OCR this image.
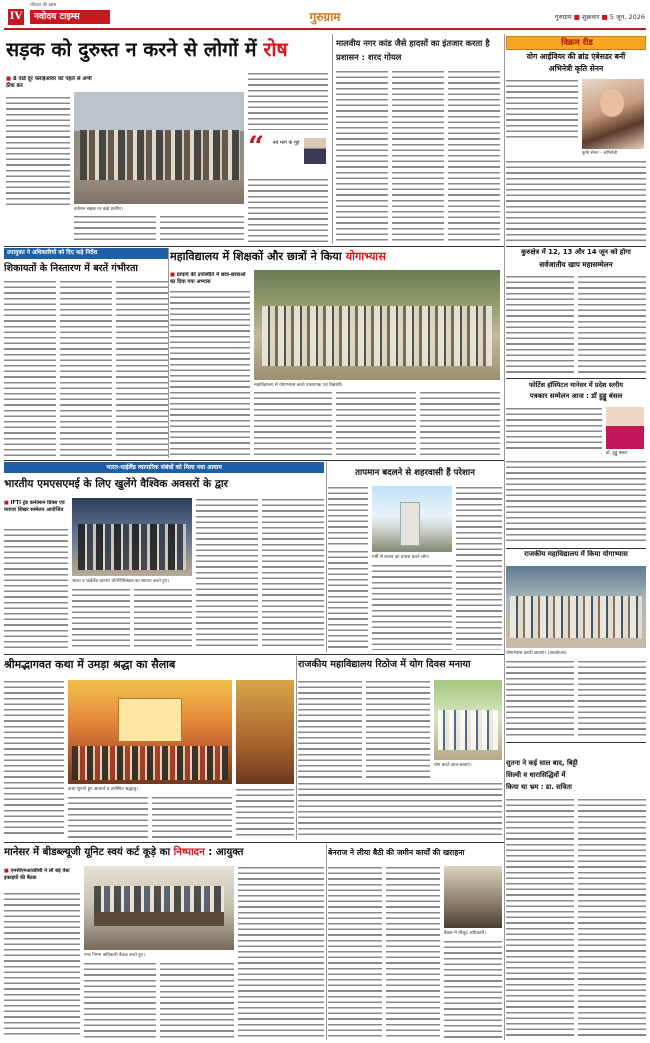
IV	नवोदय टाइम्स
रविवार की खास
गुरुग्राम	गुरुग्राम ■ शुक्रवार ■ 5 जून, 2026
सड़क को दुरुस्त न करने से लोगों में रोष
■ 8 वार्ड दूर फ्लाईओवर को पहले से अभी ठीक कर
वर्तमान सड़क पर खड़े ग्रामीण।
“	नये मार्ग के मुद्दे
मालवीय नगर कांड जैसे हादसों का इंतजार करता है प्रशासन : शरद गोयल
विक्रम रीड
वोग आईवियर की ब्रांड एंबेसडर बनीं
अभिनेत्री कृति सेनन
कृति सेनन - अभिनेत्री
उपायुक्त ने अधिकारियों को दिए कड़े निर्देश
शिकायतों के निस्तारण में बरतें गंभीरता
महाविद्यालय में शिक्षकों और छात्रों ने किया योगाभ्यास
■ प्राचार्य की उपस्थिति में छात्र-छात्राओं का दिया गया अभ्यास
महाविद्यालय में योगाभ्यास करते प्राध्यापक एवं विद्यार्थी।
कुरुक्षेत्र में 12, 13 और 14 जून को होगा
सर्वजातीय खाप महासम्मेलन
फोर्टिस हॉस्पिटल मानेसर में प्रदेश स्तरीय
पत्रकार सम्मेलन आज : डॉ हुड्डू बंसल
डॉ. हुड्डू बंसल
भारत-थाईलैंड व्यापारिक संबंधों को मिला नया आयाम
भारतीय एमएसएमई के लिए खुलेंगे वैश्विक अवसरों के द्वार
■ IFTI ट्रेड कनेक्शन प्रिक्स एवं व्यापार शिखर सम्मेलन आयोजित
भारत व थाईलैंड व्यापार प्रतिनिधिमंडल का स्वागत करते हुए।
तापमान बदलने से शहरवासी हैं परेशान
गर्मी से बचाव का प्रयास करते लोग।	राजकीय महाविद्यालय में किया योगाभ्यास
योगाभ्यास करती छात्राएं। (आरकेएस)
श्रीमद्भागवत कथा में उमड़ा श्रद्धा का सैलाब
कथा सुनाते हुए आचार्य व उपस्थित श्रद्धालु।
राजकीय महाविद्यालय रिठोज में योग दिवस मनाया
योग करते छात्र-छात्राएं।
मानेसर में बीडब्ल्यूजी यूनिट स्वयं कर्ट कूड़े का निष्पादन : आयुक्त
■ एमसीएमआरडीसी ने ली बड़े वेस्ट इकाइयों की बैठक
नगर निगम अधिकारी बैठक करते हुए।
बेनराज ने लीया बैठी की जमीन कार्यों की खराहना
बैठक में मौजूद अधिकारी।
सुतना ने कई साल बाद, बिट्टी
सिल्वी व धारासिद्धिवों में
किया था भ्रम : डा. सविता
